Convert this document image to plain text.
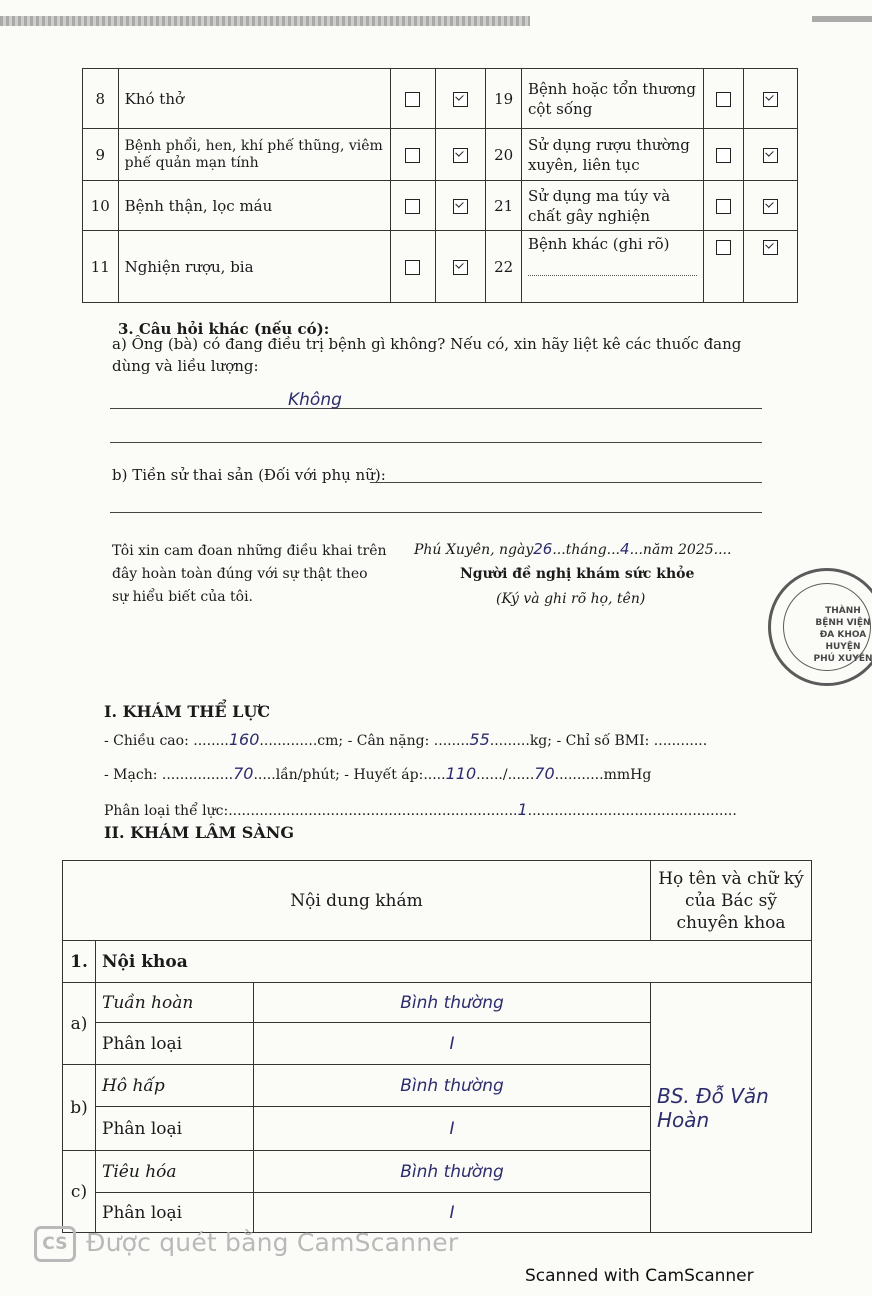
8	Khó thở			19	Bệnh hoặc tổn thương cột sống		
9	Bệnh phổi, hen, khí phế thũng, viêm phế quản mạn tính			20	Sử dụng rượu thường xuyên, liên tục		
10	Bệnh thận, lọc máu			21	Sử dụng ma túy và chất gây nghiện		
11	Nghiện rượu, bia			22	Bệnh khác (ghi rõ)		

3. Câu hỏi khác (nếu có):
a) Ông (bà) có đang điều trị bệnh gì không? Nếu có, xin hãy liệt kê các thuốc đang dùng và liều lượng:
Không
b) Tiền sử thai sản (Đối với phụ nữ):
Tôi xin cam đoan những điều khai trên đây hoàn toàn đúng với sự thật theo sự hiểu biết của tôi.
Phú Xuyên, ngày26...tháng...4...năm 2025....
Người đề nghị khám sức khỏe
(Ký và ghi rõ họ, tên)
THÀNH
BỆNH VIỆN
ĐA KHOA
HUYỆN
PHÚ XUYÊN
I. KHÁM THỂ LỰC
- Chiều cao: ........160.............cm; - Cân nặng: ........55.........kg; - Chỉ số BMI: ............
- Mạch: ................70.....lần/phút; - Huyết áp:.....110....../......70...........mmHg
Phân loại thể lực:.................................................................1...............................................
II. KHÁM LÂM SÀNG
Nội dung khám			Họ tên và chữ ký của Bác sỹ chuyên khoa
1.	Nội khoa		
a)	Tuần hoàn	Bình thường	BS. Đỗ Văn Hoàn

	Phân loại	I	
b)	Hô hấp	Bình thường	
	Phân loại	I	
c)	Tiêu hóa	Bình thường	
	Phân loại	I	
CS Được quét bằng CamScanner
Scanned with CamScanner
